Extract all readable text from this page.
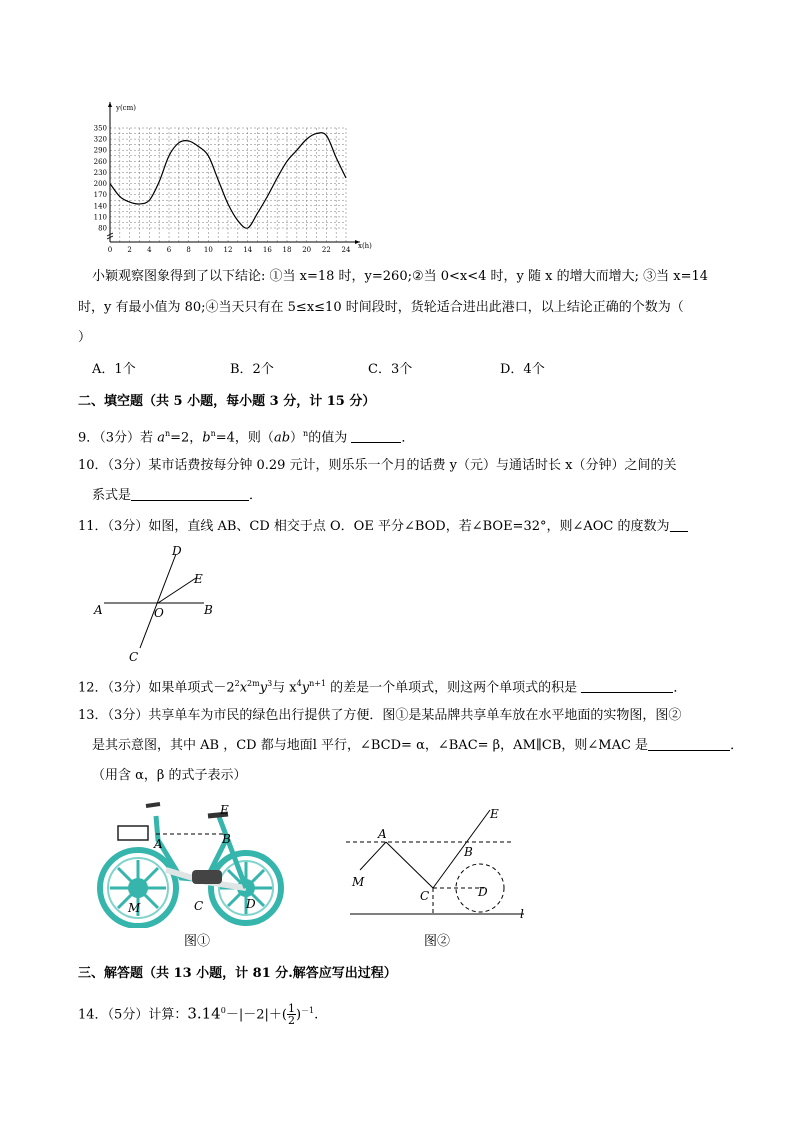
0 2 4 6 8 10 12 14 16 18 20 22 24
80
110
140
170
200
230
260
290
320
350
y(cm)
x(h)
小颖观察图象得到了以下结论: ①当 x=18 时，y=260;②当 0<x<4 时，y 随 x 的增大而增大; ③当 x=14
时，y 有最小值为 80;④当天只有在 5≤x≤10 时间段时，货轮适合进出此港口，以上结论正确的个数为（
）
A．1个	B．2个	C．3个	D．4个
二、填空题（共 5 小题，每小题 3 分，计 15 分）
9．（3分）若 $a^n=2$，$b^n=4$，则（ab）$^n$的值为	．
10．（3分）某市话费按每分钟 0.29 元计，则乐乐一个月的话费 y（元）与通话时长 x（分钟）之间的关
系式是	．
11．（3分）如图，直线 AB、CD 相交于点 O．OE 平分∠BOD，若∠BOE=32°，则∠AOC 的度数为
D
E
A	O	B
C
12．（3分）如果单项式$-2^2x^{2m}y^3$与 $x^4y^{n+1}$ 的差是一个单项式，则这两个单项式的积是	．
13．（3分）共享单车为市民的绿色出行提供了方便．图①是某品牌共享单车放在水平地面的实物图，图②
是其示意图，其中 AB ，CD 都与地面l 平行，∠BCD= α，∠BAC= β，AM∥CB，则∠MAC 是	．
（用含 α，β 的式子表示）
E
B
A
M	C	D
图①
E
A
B
M
C	D
l
图②
三、解答题（共 13 小题，计 81 分.解答应写出过程）
14．（5分）计算：$3.14^0-|-2|+( \frac{1}{2} )^{-1}$.
